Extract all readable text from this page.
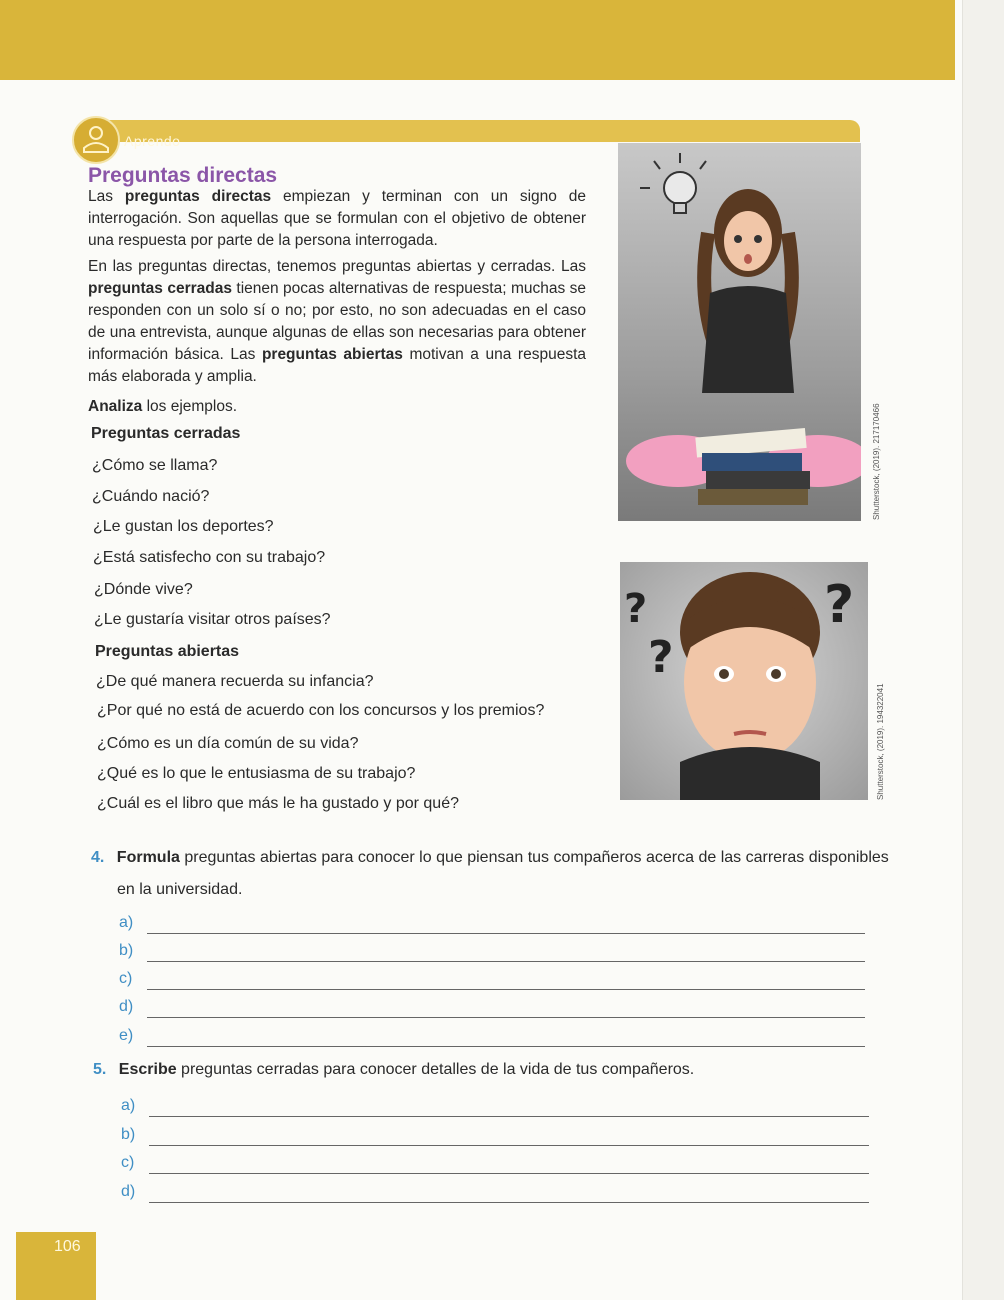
Aprendo
Preguntas directas
Las preguntas directas empiezan y terminan con un signo de interrogación. Son aquellas que se formulan con el objetivo de obtener una respuesta por parte de la persona interrogada.
En las preguntas directas, tenemos preguntas abiertas y cerradas. Las preguntas cerradas tienen pocas alternativas de respuesta; muchas se responden con un solo sí o no; por esto, no son adecuadas en el caso de una entrevista, aunque algunas de ellas son necesarias para obtener información básica. Las preguntas abiertas motivan a una respuesta más elaborada y amplia.
Analiza los ejemplos.
Preguntas cerradas
¿Cómo se llama?
¿Cuándo nació?
¿Le gustan los deportes?
¿Está satisfecho con su trabajo?
¿Dónde vive?
¿Le gustaría visitar otros países?
Preguntas abiertas
¿De qué manera recuerda su infancia?
¿Por qué no está de acuerdo con los concursos y los premios?
¿Cómo es un día común de su vida?
¿Qué es lo que le entusiasma de su trabajo?
¿Cuál es el libro que más le ha gustado y por qué?
Shutterstock, (2019). 217170466
?
?
?
Shutterstock, (2019). 194322041
4. Formula preguntas abiertas para conocer lo que piensan tus compañeros acerca de las carreras disponibles
en la universidad.
a)
b)
c)
d)
e)
5. Escribe preguntas cerradas para conocer detalles de la vida de tus compañeros.
a)
b)
c)
d)
106
